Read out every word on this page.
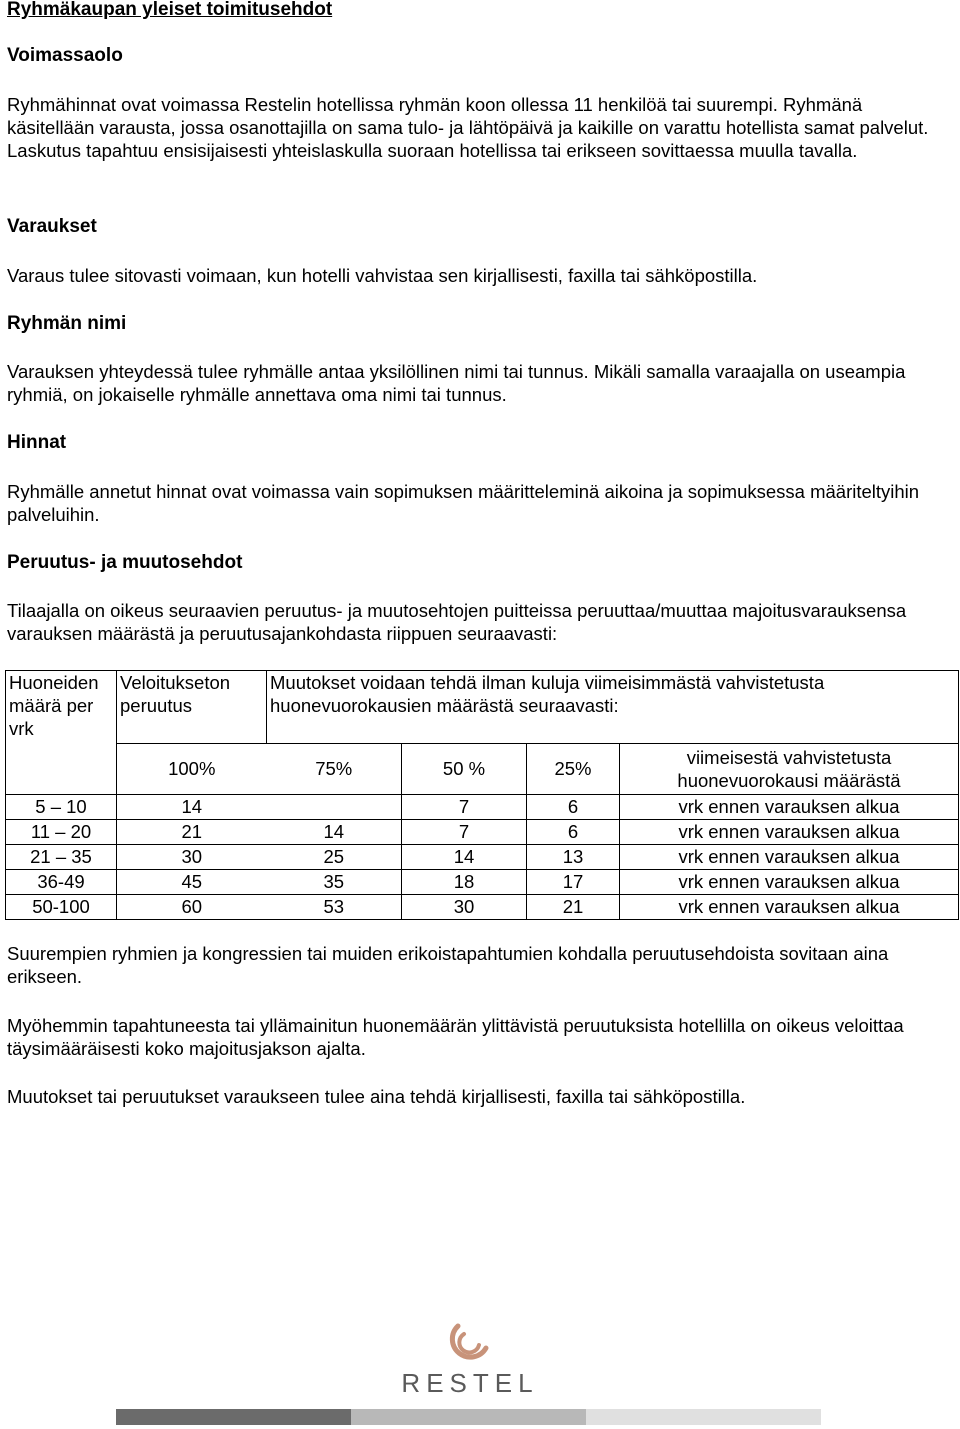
Ryhmäkaupan yleiset toimitusehdot
Voimassaolo

Ryhmähinnat ovat voimassa Restelin hotellissa ryhmän koon ollessa 11 henkilöä tai suurempi. Ryhmänä käsitellään varausta, jossa osanottajilla on sama tulo- ja lähtöpäivä ja kaikille on varattu hotellista samat palvelut. Laskutus tapahtuu ensisijaisesti yhteislaskulla suoraan hotellissa tai erikseen sovittaessa muulla tavalla.

Varaukset

Varaus tulee sitovasti voimaan, kun hotelli vahvistaa sen kirjallisesti, faxilla tai sähköpostilla.

Ryhmän nimi

Varauksen yhteydessä tulee ryhmälle antaa yksilöllinen nimi tai tunnus. Mikäli samalla varaajalla on useampia ryhmiä, on jokaiselle ryhmälle annettava oma nimi tai tunnus.

Hinnat

Ryhmälle annetut hinnat ovat voimassa vain sopimuksen määritteleminä aikoina ja sopimuksessa määriteltyihin palveluihin.

Peruutus- ja muutosehdot

Tilaajalla on oikeus seuraavien peruutus- ja muutosehtojen puitteissa peruuttaa/muuttaa majoitusvarauksensa varauksen määrästä ja peruutusajankohdasta riippuen seuraavasti:

Huoneiden määrä per vrk	Veloitukseton peruutus	Muutokset voidaan tehdä ilman kuluja viimeisimmästä vahvistetusta huonevuorokausien määrästä seuraavasti:			
	100%	75%	50 %	25%	viimeisestä vahvistetusta huonevuorokausi määrästä
5 – 10	14		7	6	vrk ennen varauksen alkua
11 – 20	21	14	7	6	vrk ennen varauksen alkua
21 – 35	30	25	14	13	vrk ennen varauksen alkua
36-49	45	35	18	17	vrk ennen varauksen alkua
50-100	60	53	30	21	vrk ennen varauksen alkua

Suurempien ryhmien ja kongressien tai muiden erikoistapahtumien kohdalla peruutusehdoista sovitaan aina erikseen.

Myöhemmin tapahtuneesta tai yllämainitun huonemäärän ylittävistä peruutuksista hotellilla on oikeus veloittaa täysimääräisesti koko majoitusjakson ajalta.

Muutokset tai peruutukset varaukseen tulee aina tehdä kirjallisesti, faxilla tai sähköpostilla.

RESTEL
